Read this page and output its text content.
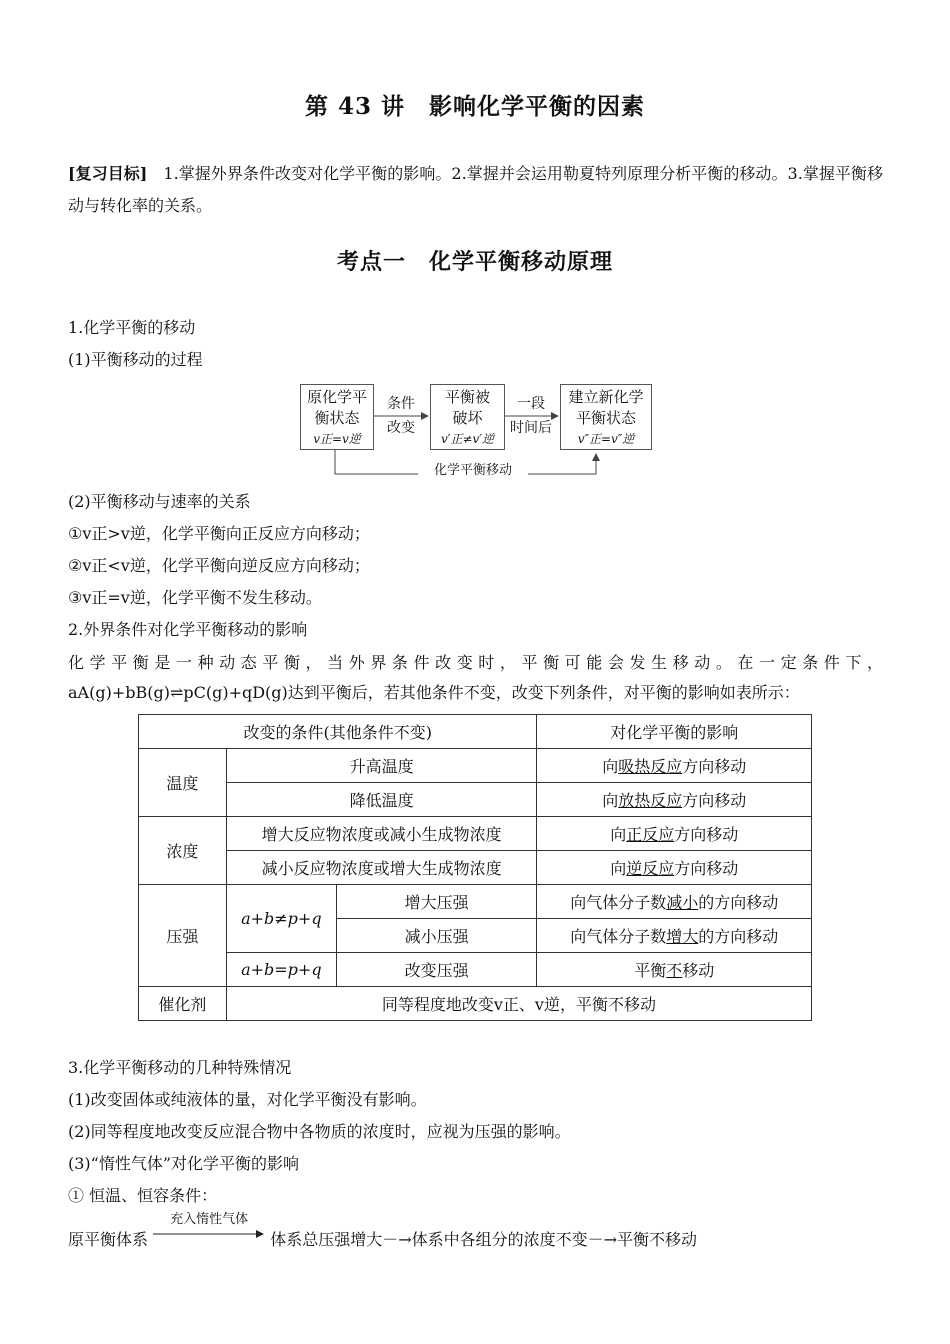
第 43 讲　影响化学平衡的因素
[复习目标]　1.掌握外界条件改变对化学平衡的影响。2.掌握并会运用勒夏特列原理分析平衡的移动。3.掌握平衡移动与转化率的关系。
考点一　化学平衡移动原理
1.化学平衡的移动
(1)平衡移动的过程
原化学平
衡状态
v正=v逆
条件
改变
平衡被
破坏
v′正≠v′逆
一段
时间后
建立新化学
平衡状态
v″正=v″逆
化学平衡移动
(2)平衡移动与速率的关系
①v正>v逆，化学平衡向正反应方向移动；
②v正<v逆，化学平衡向逆反应方向移动；
③v正=v逆，化学平衡不发生移动。
2.外界条件对化学平衡移动的影响
化学平衡是一种动态平衡，当外界条件改变时，平衡可能会发生移动。在一定条件下，aA(g)+bB(g)⇌pC(g)+qD(g)达到平衡后，若其他条件不变，改变下列条件，对平衡的影响如表所示：
改变的条件(其他条件不变)			对化学平衡的影响
温度	升高温度		向吸热反应方向移动
	降低温度		向放热反应方向移动
浓度	增大反应物浓度或减小生成物浓度		向正反应方向移动
	减小反应物浓度或增大生成物浓度		向逆反应方向移动
压强	a+b≠p+q	增大压强	向气体分子数减小的方向移动
		减小压强	向气体分子数增大的方向移动
	a+b=p+q	改变压强	平衡不移动
催化剂	同等程度地改变v正、v逆，平衡不移动		
3.化学平衡移动的几种特殊情况
(1)改变固体或纯液体的量，对化学平衡没有影响。
(2)同等程度地改变反应混合物中各物质的浓度时，应视为压强的影响。
(3)“惰性气体”对化学平衡的影响
① 恒温、恒容条件：
原平衡体系
充入惰性气体
体系总压强增大－→体系中各组分的浓度不变－→平衡不移动
